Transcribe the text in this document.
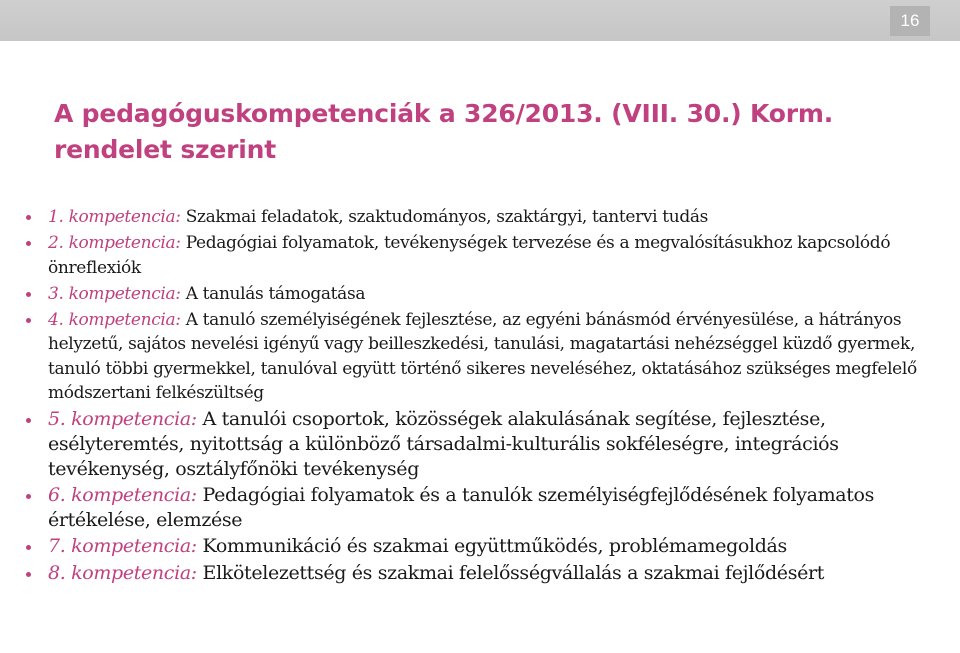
16
A pedagóguskompetenciák a 326/2013. (VIII. 30.) Korm. rendelet szerint
1. kompetencia: Szakmai feladatok, szaktudományos, szaktárgyi, tantervi tudás
2. kompetencia: Pedagógiai folyamatok, tevékenységek tervezése és a megvalósításukhoz kapcsolódó önreflexiók
3. kompetencia: A tanulás támogatása
4. kompetencia: A tanuló személyiségének fejlesztése, az egyéni bánásmód érvényesülése, a hátrányos helyzetű, sajátos nevelési igényű vagy beilleszkedési, tanulási, magatartási nehézséggel küzdő gyermek, tanuló többi gyermekkel, tanulóval együtt történő sikeres neveléséhez, oktatásához szükséges megfelelő módszertani felkészültség
5. kompetencia: A tanulói csoportok, közösségek alakulásának segítése, fejlesztése, esélyteremtés, nyitottság a különböző társadalmi-kulturális sokféleségre, integrációs tevékenység, osztályfőnöki tevékenység
6. kompetencia: Pedagógiai folyamatok és a tanulók személyiségfejlődésének folyamatos értékelése, elemzése
7. kompetencia: Kommunikáció és szakmai együttműködés, problémamegoldás
8. kompetencia: Elkötelezettség és szakmai felelősségvállalás a szakmai fejlődésért
